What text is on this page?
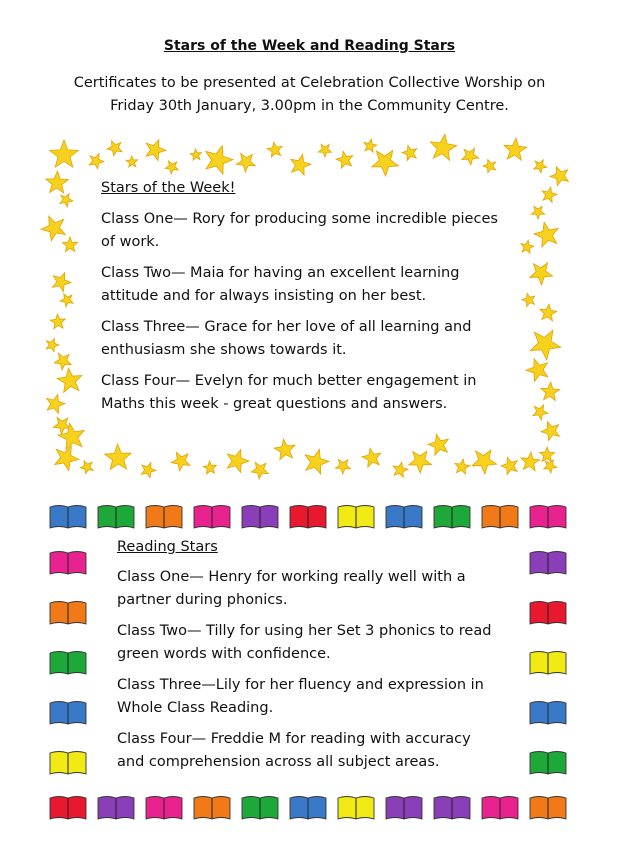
Stars of the Week and Reading Stars
Certificates to be presented at Celebration Collective Worship on
Friday 30th January, 3.00pm in the Community Centre.
Stars of the Week!
Class One— Rory for producing some incredible pieces
of work.
Class Two— Maia for having an excellent learning
attitude and for always insisting on her best.
Class Three— Grace for her love of all learning and
enthusiasm she shows towards it.
Class Four— Evelyn for much better engagement in
Maths this week - great questions and answers.
Reading Stars
Class One— Henry for working really well with a
partner during phonics.
Class Two— Tilly for using her Set 3 phonics to read
green words with confidence.
Class Three—Lily for her fluency and expression in
Whole Class Reading.
Class Four— Freddie M for reading with accuracy
and comprehension across all subject areas.
